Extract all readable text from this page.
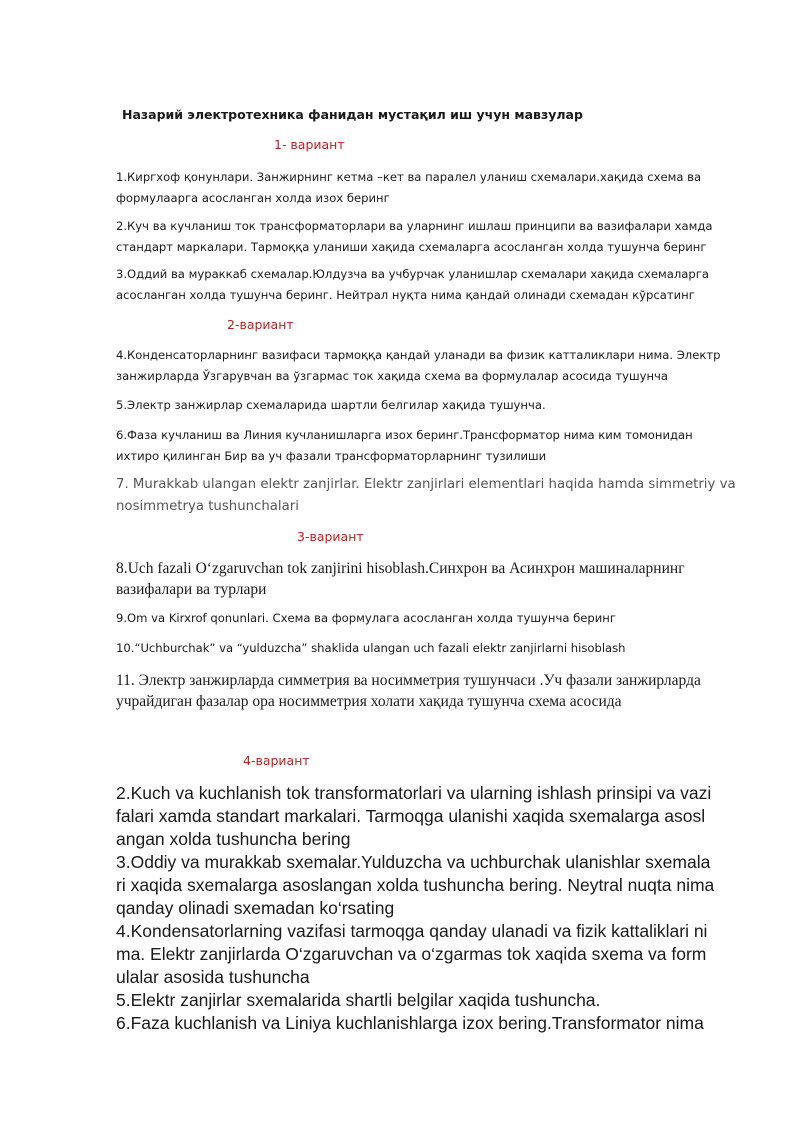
Назарий электротехника фанидан мустақил иш учун мавзулар
1- вариант
1.Киргхоф қонунлари. Занжирнинг кетма –кет ва паралел уланиш схемалари.хақида схема ва
формулаарга асосланган холда изох беринг
2.Куч ва кучланиш ток трансформаторлари ва уларнинг ишлаш принципи ва вазифалари хамда
стандарт маркалари. Тармоққа уланиши хақида схемаларга асосланган холда тушунча беринг
3.Оддий ва мураккаб схемалар.Юлдузча ва учбурчак уланишлар схемалари хақида схемаларга
асосланган холда тушунча беринг. Нейтрал нуқта нима қандай олинади схемадан кўрсатинг
2-вариант
4.Конденсаторларнинг вазифаси тармоққа қандай уланади ва физик катталиклари нима. Электр
занжирларда Ўзгарувчан ва ўзгармас ток хақида схема ва формулалар асосида тушунча
5.Электр занжирлар схемаларида шартли белгилар хақида тушунча.
6.Фаза кучланиш ва Линия кучланишларга изох беринг.Трансформатор нима ким томонидан
ихтиро қилинган Бир ва уч фазали трансформаторларнинг тузилиши
7. Murakkab ulangan elektr zanjirlar. Elektr zanjirlari elementlari haqida hamda simmetriy va
nosimmetrya tushunchalari
3-вариант
8.Uch fazali O‘zgaruvchan tok zanjirini hisoblash.Синхрон ва Асинхрон машиналарнинг
вазифалари ва турлари
9.Om va Kirxrof qonunlari. Схема ва формулага асосланган холда тушунча беринг
10.“Uchburchak” va “yulduzcha” shaklida ulangan uch fazali elektr zanjirlarni hisoblash
11. Электр занжирларда симметрия ва носимметрия тушунчаси .Уч фазали занжирларда
учрайдиган фазалар ора носимметрия холати хақида тушунча схема асосида
4-вариант
2.Kuch va kuchlanish tok transformatorlari va ularning ishlash prinsipi va vazi
falari xamda standart markalari. Tarmoqga ulanishi xaqida sxemalarga asosl
angan xolda tushuncha bering
3.Oddiy va murakkab sxemalar.Yulduzcha va uchburchak ulanishlar sxemala
ri xaqida sxemalarga asoslangan xolda tushuncha bering. Neytral nuqta nima
qanday olinadi sxemadan ko‘rsating
4.Kondensatorlarning vazifasi tarmoqga qanday ulanadi va fizik kattaliklari ni
ma. Elektr zanjirlarda O‘zgaruvchan va o‘zgarmas tok xaqida sxema va form
ulalar asosida tushuncha
5.Elektr zanjirlar sxemalarida shartli belgilar xaqida tushuncha.
6.Faza kuchlanish va Liniya kuchlanishlarga izox bering.Transformator nima
